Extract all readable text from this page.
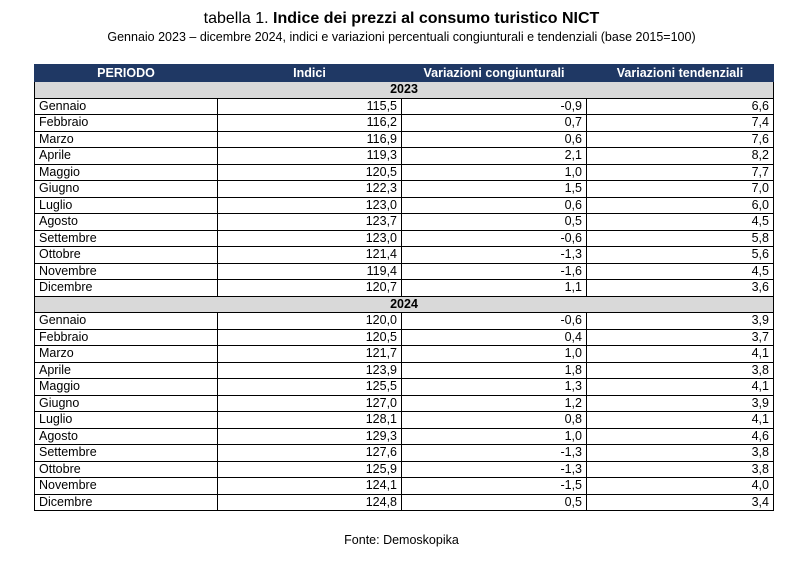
tabella 1. Indice dei prezzi al consumo turistico NICT
Gennaio 2023 – dicembre 2024, indici e variazioni percentuali congiunturali e tendenziali (base 2015=100)
PERIODO	Indici	Variazioni congiunturali	Variazioni tendenziali
2023			
Gennaio	115,5	-0,9	6,6
Febbraio	116,2	0,7	7,4
Marzo	116,9	0,6	7,6
Aprile	119,3	2,1	8,2
Maggio	120,5	1,0	7,7
Giugno	122,3	1,5	7,0
Luglio	123,0	0,6	6,0
Agosto	123,7	0,5	4,5
Settembre	123,0	-0,6	5,8
Ottobre	121,4	-1,3	5,6
Novembre	119,4	-1,6	4,5
Dicembre	120,7	1,1	3,6
2024			
Gennaio	120,0	-0,6	3,9
Febbraio	120,5	0,4	3,7
Marzo	121,7	1,0	4,1
Aprile	123,9	1,8	3,8
Maggio	125,5	1,3	4,1
Giugno	127,0	1,2	3,9
Luglio	128,1	0,8	4,1
Agosto	129,3	1,0	4,6
Settembre	127,6	-1,3	3,8
Ottobre	125,9	-1,3	3,8
Novembre	124,1	-1,5	4,0
Dicembre	124,8	0,5	3,4
Fonte: Demoskopika
